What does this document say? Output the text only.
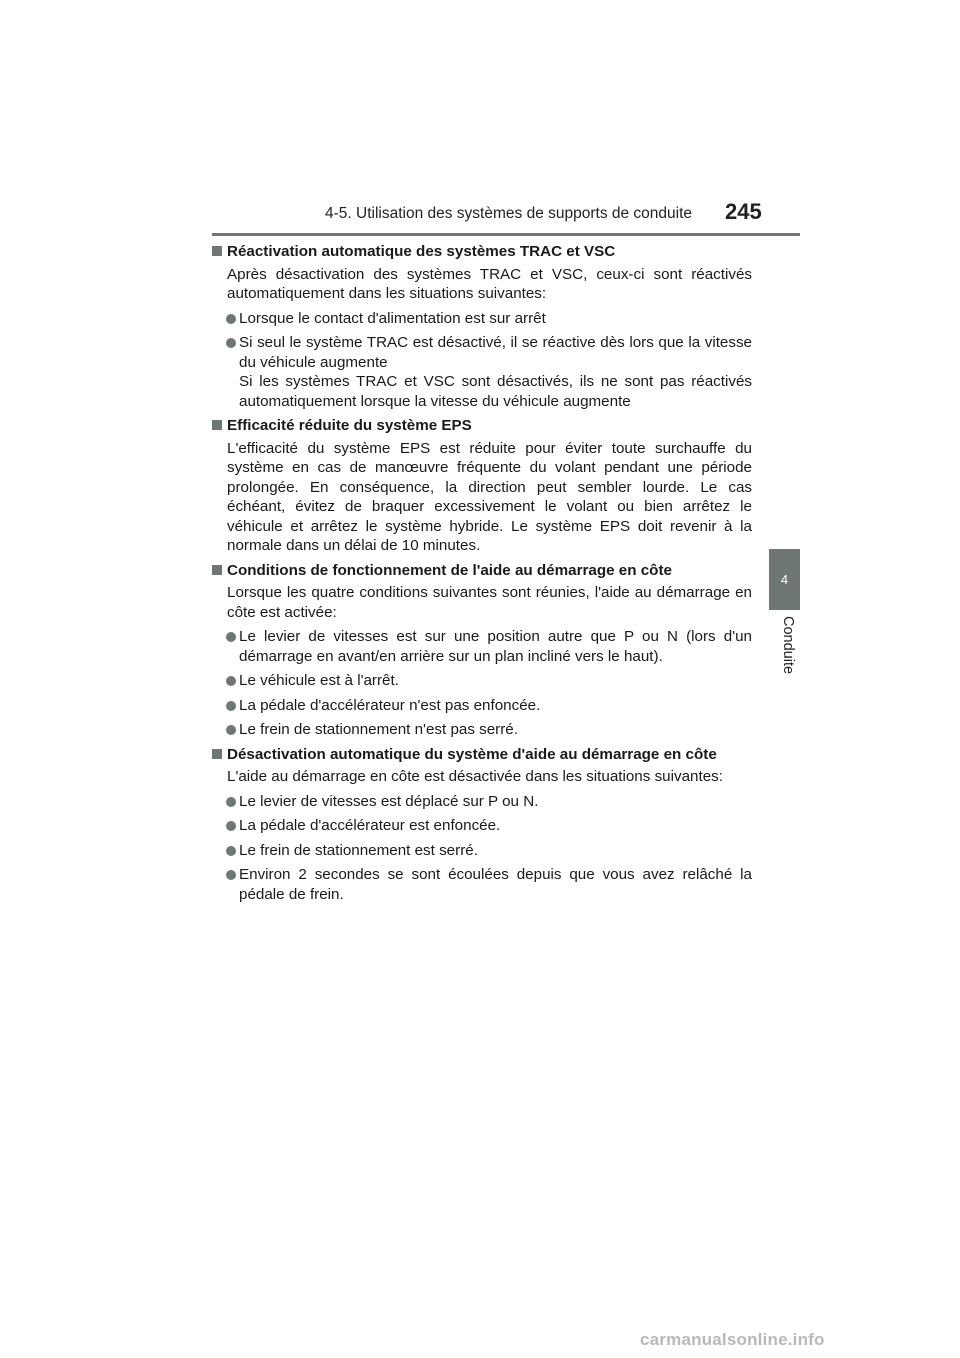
4-5. Utilisation des systèmes de supports de conduite 245
4
Conduite
Réactivation automatique des systèmes TRAC et VSC
Après désactivation des systèmes TRAC et VSC, ceux-ci sont réactivés automatiquement dans les situations suivantes:
Lorsque le contact d'alimentation est sur arrêt
Si seul le système TRAC est désactivé, il se réactive dès lors que la vitesse du véhicule augmente
Si les systèmes TRAC et VSC sont désactivés, ils ne sont pas réactivés automatiquement lorsque la vitesse du véhicule augmente
Efficacité réduite du système EPS
L'efficacité du système EPS est réduite pour éviter toute surchauffe du système en cas de manœuvre fréquente du volant pendant une période prolongée. En conséquence, la direction peut sembler lourde. Le cas échéant, évitez de braquer excessivement le volant ou bien arrêtez le véhicule et arrêtez le système hybride. Le système EPS doit revenir à la normale dans un délai de 10 minutes.
Conditions de fonctionnement de l'aide au démarrage en côte
Lorsque les quatre conditions suivantes sont réunies, l'aide au démarrage en côte est activée:
Le levier de vitesses est sur une position autre que P ou N (lors d'un démarrage en avant/en arrière sur un plan incliné vers le haut).
Le véhicule est à l'arrêt.
La pédale d'accélérateur n'est pas enfoncée.
Le frein de stationnement n'est pas serré.
Désactivation automatique du système d'aide au démarrage en côte
L'aide au démarrage en côte est désactivée dans les situations suivantes:
Le levier de vitesses est déplacé sur P ou N.
La pédale d'accélérateur est enfoncée.
Le frein de stationnement est serré.
Environ 2 secondes se sont écoulées depuis que vous avez relâché la pédale de frein.
carmanualsonline.info
